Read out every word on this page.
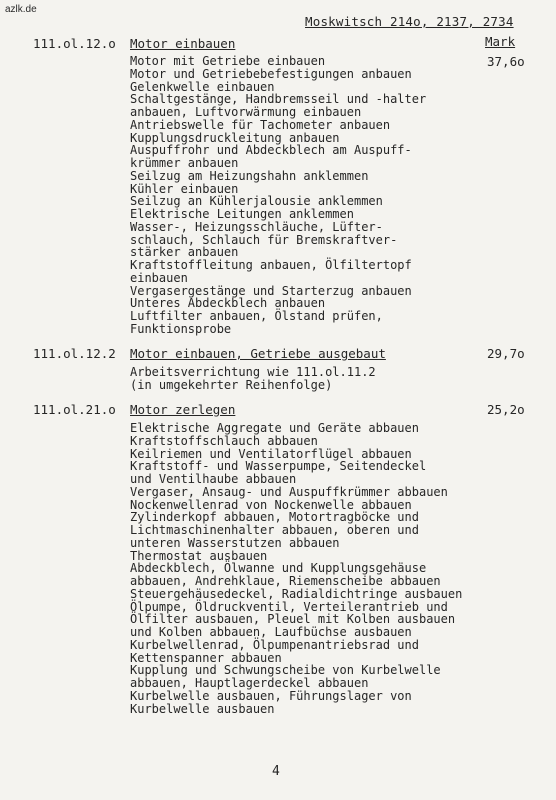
azlk.de
Moskwitsch 214o, 2137, 2734
Mark
111.ol.12.o Motor einbauen
37,6o
Motor mit Getriebe einbauen
Motor und Getriebebefestigungen anbauen
Gelenkwelle einbauen
Schaltgestänge, Handbremsseil und -halter
anbauen, Luftvorwärmung einbauen
Antriebswelle für Tachometer anbauen
Kupplungsdruckleitung anbauen
Auspuffrohr und Abdeckblech am Auspuff-
krümmer anbauen
Seilzug am Heizungshahn anklemmen
Kühler einbauen
Seilzug an Kühlerjalousie anklemmen
Elektrische Leitungen anklemmen
Wasser-, Heizungsschläuche, Lüfter-
schlauch, Schlauch für Bremskraftver-
stärker anbauen
Kraftstoffleitung anbauen, Ölfiltertopf
einbauen
Vergasergestänge und Starterzug anbauen
Unteres Abdeckblech anbauen
Luftfilter anbauen, Ölstand prüfen,
Funktionsprobe
111.ol.12.2 Motor einbauen, Getriebe ausgebaut	29,7o
Arbeitsverrichtung wie 111.ol.11.2
(in umgekehrter Reihenfolge)
111.ol.21.o Motor zerlegen	25,2o
Elektrische Aggregate und Geräte abbauen
Kraftstoffschlauch abbauen
Keilriemen und Ventilatorflügel abbauen
Kraftstoff- und Wasserpumpe, Seitendeckel
und Ventilhaube abbauen
Vergaser, Ansaug- und Auspuffkrümmer abbauen
Nockenwellenrad von Nockenwelle abbauen
Zylinderkopf abbauen, Motortragböcke und
Lichtmaschinenhalter abbauen, oberen und
unteren Wasserstutzen abbauen
Thermostat ausbauen
Abdeckblech, Ölwanne und Kupplungsgehäuse
abbauen, Andrehklaue, Riemenscheibe abbauen
Steuergehäusedeckel, Radialdichtringe ausbauen
Ölpumpe, Öldruckventil, Verteilerantrieb und
Ölfilter ausbauen, Pleuel mit Kolben ausbauen
und Kolben abbauen, Laufbüchse ausbauen
Kurbelwellenrad, Ölpumpenantriebsrad und
Kettenspanner abbauen
Kupplung und Schwungscheibe von Kurbelwelle
abbauen, Hauptlagerdeckel abbauen
Kurbelwelle ausbauen, Führungslager von
Kurbelwelle ausbauen
4
